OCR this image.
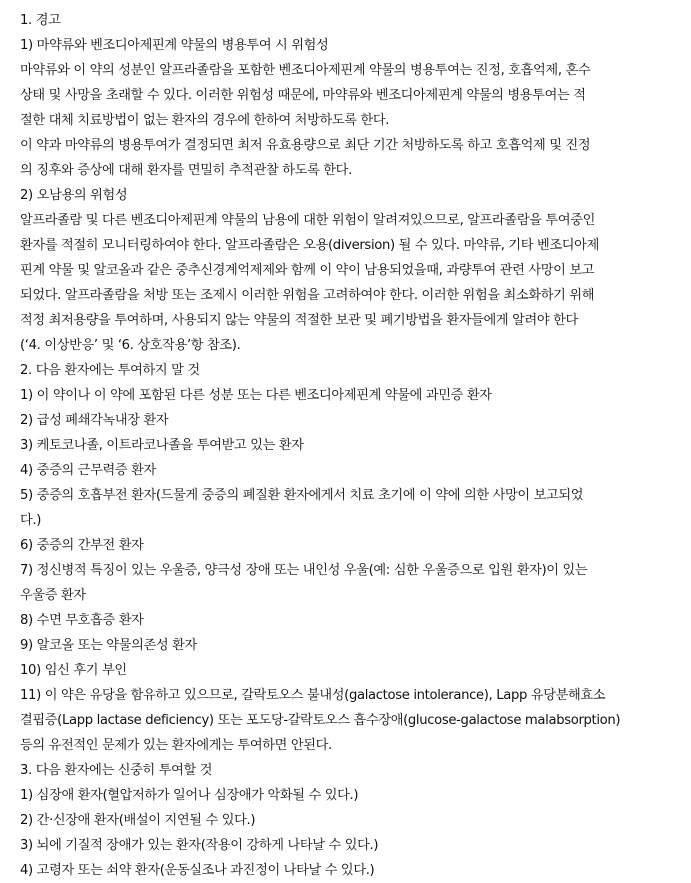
1. 경고
1) 마약류와 벤조디아제핀계 약물의 병용투여 시 위험성
마약류와 이 약의 성분인 알프라졸람을 포함한 벤조디아제핀계 약물의 병용투여는 진정, 호흡억제, 혼수
상태 및 사망을 초래할 수 있다. 이러한 위험성 때문에, 마약류와 벤조디아제핀계 약물의 병용투여는 적
절한 대체 치료방법이 없는 환자의 경우에 한하여 처방하도록 한다.
이 약과 마약류의 병용투여가 결정되면 최저 유효용량으로 최단 기간 처방하도록 하고 호흡억제 및 진정
의 징후와 증상에 대해 환자를 면밀히 추적관찰 하도록 한다.
2) 오남용의 위험성
알프라졸람 및 다른 벤조디아제핀계 약물의 남용에 대한 위험이 알려져있으므로, 알프라졸람을 투여중인
환자를 적절히 모니터링하여야 한다. 알프라졸람은 오용(diversion) 될 수 있다. 마약류, 기타 벤조디아제
핀계 약물 및 알코올과 같은 중추신경계억제제와 함께 이 약이 남용되었을때, 과량투여 관련 사망이 보고
되었다. 알프라졸람을 처방 또는 조제시 이러한 위험을 고려하여야 한다. 이러한 위험을 최소화하기 위해
적정 최저용량을 투여하며, 사용되지 않는 약물의 적절한 보관 및 폐기방법을 환자들에게 알려야 한다
(‘4. 이상반응’ 및 ‘6. 상호작용’항 참조).
2. 다음 환자에는 투여하지 말 것
1) 이 약이나 이 약에 포함된 다른 성분 또는 다른 벤조디아제핀계 약물에 과민증 환자
2) 급성 폐쇄각녹내장 환자
3) 케토코나졸, 이트라코나졸을 투여받고 있는 환자
4) 중증의 근무력증 환자
5) 중증의 호흡부전 환자(드물게 중증의 폐질환 환자에게서 치료 초기에 이 약에 의한 사망이 보고되었
다.)
6) 중증의 간부전 환자
7) 정신병적 특징이 있는 우울증, 양극성 장애 또는 내인성 우울(예: 심한 우울증으로 입원 환자)이 있는
우울증 환자
8) 수면 무호흡증 환자
9) 알코올 또는 약물의존성 환자
10) 임신 후기 부인
11) 이 약은 유당을 함유하고 있으므로, 갈락토오스 불내성(galactose intolerance), Lapp 유당분해효소
결핍증(Lapp lactase deficiency) 또는 포도당-갈락토오스 흡수장애(glucose-galactose malabsorption)
등의 유전적인 문제가 있는 환자에게는 투여하면 안된다.
3. 다음 환자에는 신중히 투여할 것
1) 심장애 환자(혈압저하가 일어나 심장애가 악화될 수 있다.)
2) 간·신장애 환자(배설이 지연될 수 있다.)
3) 뇌에 기질적 장애가 있는 환자(작용이 강하게 나타날 수 있다.)
4) 고령자 또는 쇠약 환자(운동실조나 과진정이 나타날 수 있다.)
